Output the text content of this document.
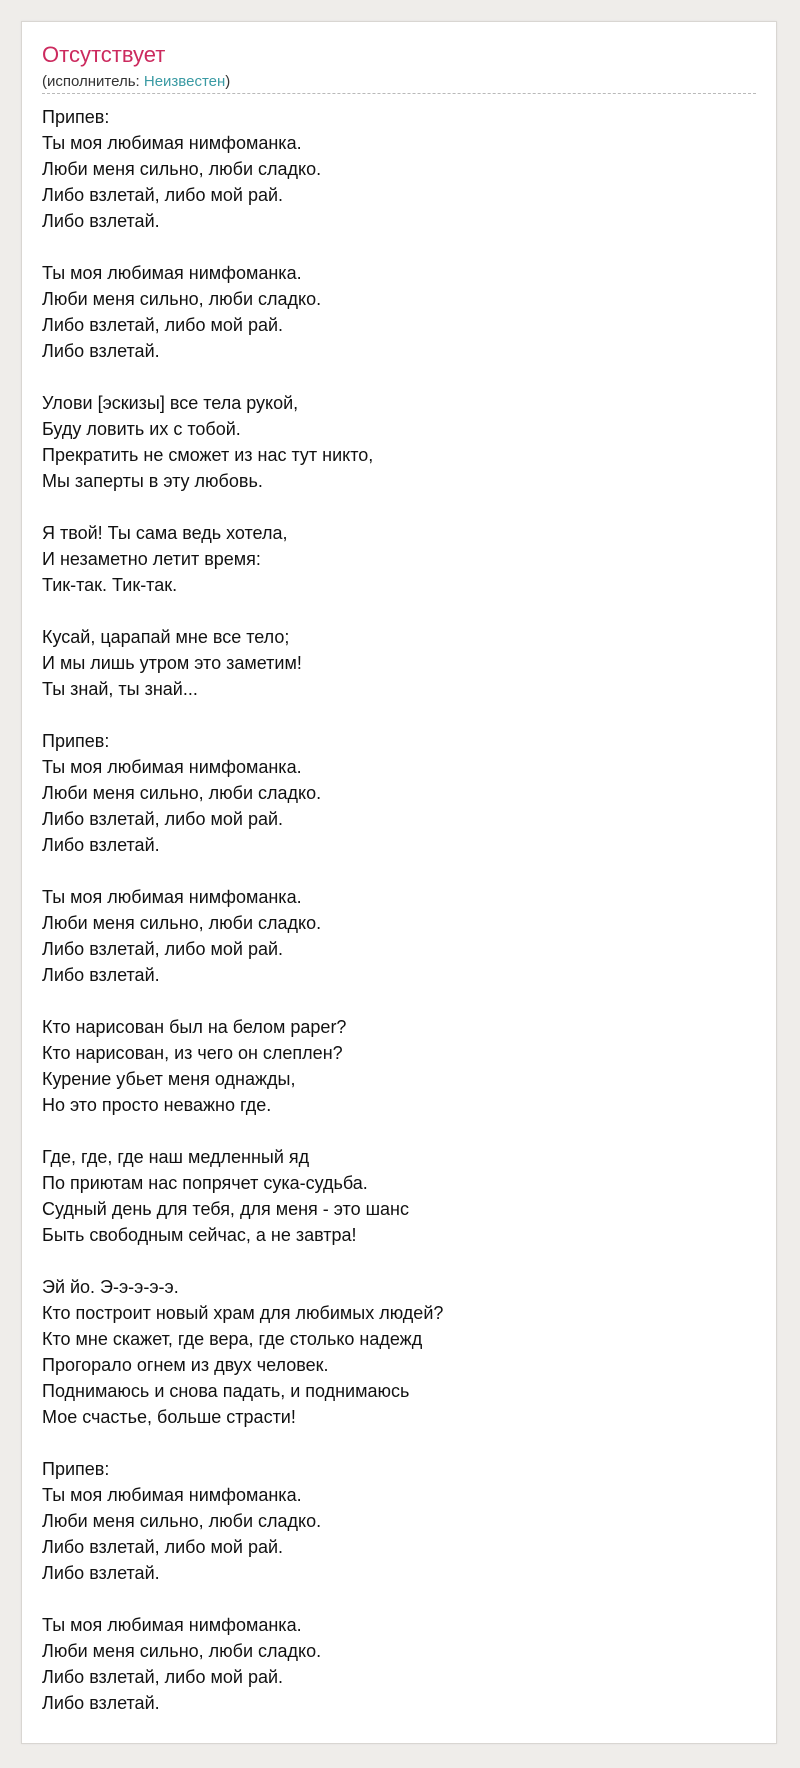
Отсутствует
(исполнитель: Неизвестен)
Припев:
Ты моя любимая нимфоманка.
Люби меня сильно, люби сладко.
Либо взлетай, либо мой рай.
Либо взлетай.
Ты моя любимая нимфоманка.
Люби меня сильно, люби сладко.
Либо взлетай, либо мой рай.
Либо взлетай.
Улови [эскизы] все тела рукой,
Буду ловить их с тобой.
Прекратить не сможет из нас тут никто,
Мы заперты в эту любовь.
Я твой! Ты сама ведь хотела,
И незаметно летит время:
Тик-так. Тик-так.
Кусай, царапай мне все тело;
И мы лишь утром это заметим!
Ты знай, ты знай...
Припев:
Ты моя любимая нимфоманка.
Люби меня сильно, люби сладко.
Либо взлетай, либо мой рай.
Либо взлетай.
Ты моя любимая нимфоманка.
Люби меня сильно, люби сладко.
Либо взлетай, либо мой рай.
Либо взлетай.
Кто нарисован был на белом paper?
Кто нарисован, из чего он слеплен?
Курение убьет меня однажды,
Но это просто неважно где.
Где, где, где наш медленный яд
По приютам нас попрячет сука-судьба.
Судный день для тебя, для меня - это шанс
Быть свободным сейчас, а не завтра!
Эй йо. Э-э-э-э-э.
Кто построит новый храм для любимых людей?
Кто мне скажет, где вера, где столько надежд
Прогорало огнем из двух человек.
Поднимаюсь и снова падать, и поднимаюсь
Мое счастье, больше страсти!
Припев:
Ты моя любимая нимфоманка.
Люби меня сильно, люби сладко.
Либо взлетай, либо мой рай.
Либо взлетай.
Ты моя любимая нимфоманка.
Люби меня сильно, люби сладко.
Либо взлетай, либо мой рай.
Либо взлетай.
